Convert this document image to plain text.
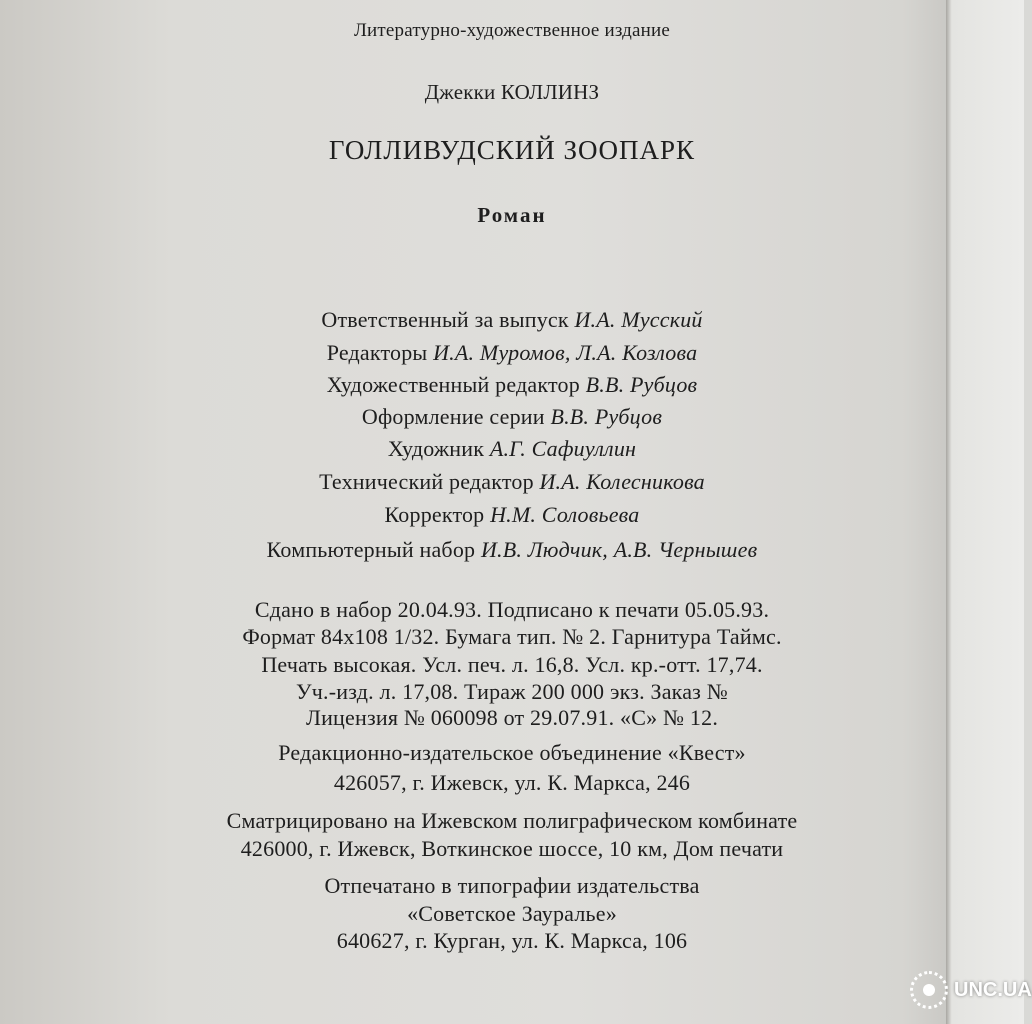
Литературно-художественное издание
Джекки КОЛЛИНЗ
ГОЛЛИВУДСКИЙ ЗООПАРК
Роман
Ответственный за выпуск И.А. Мусский
Редакторы И.А. Муромов, Л.А. Козлова
Художественный редактор В.В. Рубцов
Оформление серии В.В. Рубцов
Художник А.Г. Сафиуллин
Технический редактор И.А. Колесникова
Корректор Н.М. Соловьева
Компьютерный набор И.В. Людчик, А.В. Чернышев
Сдано в набор 20.04.93. Подписано к печати 05.05.93.
Формат 84х108 1/32. Бумага тип. № 2. Гарнитура Таймс.
Печать высокая. Усл. печ. л. 16,8. Усл. кр.-отт. 17,74.
Уч.-изд. л. 17,08. Тираж 200 000 экз. Заказ №
Лицензия № 060098 от 29.07.91. «С» № 12.
Редакционно-издательское объединение «Квест»
426057, г. Ижевск, ул. К. Маркса, 246
Сматрицировано на Ижевском полиграфическом комбинате
426000, г. Ижевск, Воткинское шоссе, 10 км, Дом печати
Отпечатано в типографии издательства
«Советское Зауралье»
640627, г. Курган, ул. К. Маркса, 106
UNC.UA
